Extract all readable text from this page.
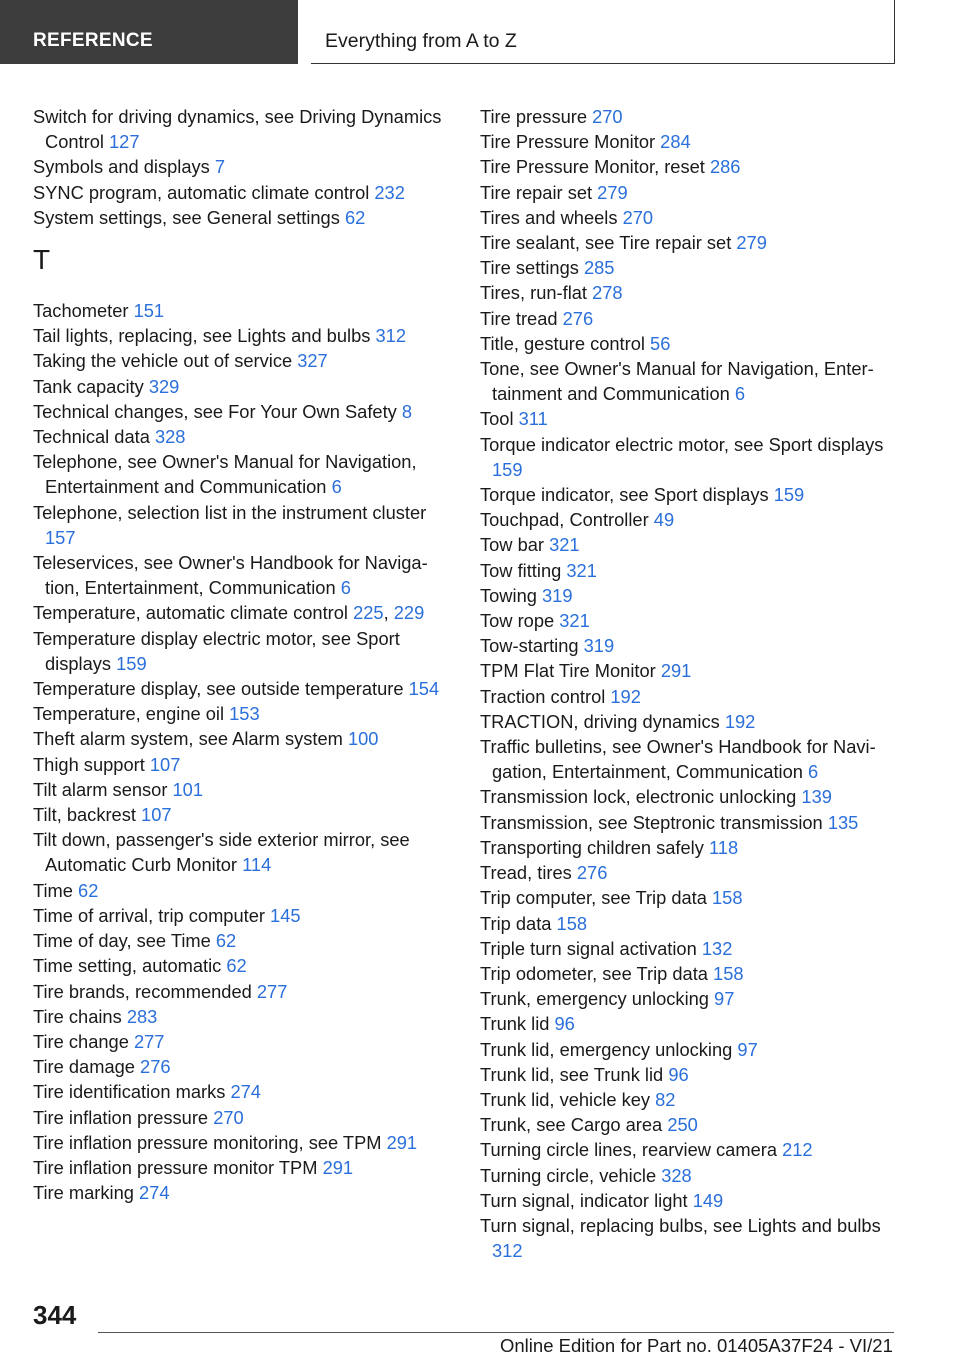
REFERENCE	Everything from A to Z

Switch for driving dynamics, see Driving Dynamics Control 127

Symbols and displays 7

SYNC program, automatic climate control 232

System settings, see General settings 62

T

Tachometer 151

Tail lights, replacing, see Lights and bulbs 312

Taking the vehicle out of service 327

Tank capacity 329

Technical changes, see For Your Own Safety 8

Technical data 328

Telephone, see Owner's Manual for Navigation, Entertainment and Communication 6

Telephone, selection list in the instrument cluster 157

Teleservices, see Owner's Handbook for Navigation, Entertainment, Communication 6

Temperature, automatic climate control 225, 229

Temperature display electric motor, see Sport displays 159

Temperature display, see outside temperature 154

Temperature, engine oil 153

Theft alarm system, see Alarm system 100

Thigh support 107

Tilt alarm sensor 101

Tilt, backrest 107

Tilt down, passenger's side exterior mirror, see Automatic Curb Monitor 114

Time 62

Time of arrival, trip computer 145

Time of day, see Time 62

Time setting, automatic 62

Tire brands, recommended 277

Tire chains 283

Tire change 277

Tire damage 276

Tire identification marks 274

Tire inflation pressure 270

Tire inflation pressure monitoring, see TPM 291

Tire inflation pressure monitor TPM 291

Tire marking 274

Tire pressure 270

Tire Pressure Monitor 284

Tire Pressure Monitor, reset 286

Tire repair set 279

Tires and wheels 270

Tire sealant, see Tire repair set 279

Tire settings 285

Tires, run-flat 278

Tire tread 276

Title, gesture control 56

Tone, see Owner's Manual for Navigation, Entertainment and Communication 6

Tool 311

Torque indicator electric motor, see Sport displays 159

Torque indicator, see Sport displays 159

Touchpad, Controller 49

Tow bar 321

Tow fitting 321

Towing 319

Tow rope 321

Tow-starting 319

TPM Flat Tire Monitor 291

Traction control 192

TRACTION, driving dynamics 192

Traffic bulletins, see Owner's Handbook for Navigation, Entertainment, Communication 6

Transmission lock, electronic unlocking 139

Transmission, see Steptronic transmission 135

Transporting children safely 118

Tread, tires 276

Trip computer, see Trip data 158

Trip data 158

Triple turn signal activation 132

Trip odometer, see Trip data 158

Trunk, emergency unlocking 97

Trunk lid 96

Trunk lid, emergency unlocking 97

Trunk lid, see Trunk lid 96

Trunk lid, vehicle key 82

Trunk, see Cargo area 250

Turning circle lines, rearview camera 212

Turning circle, vehicle 328

Turn signal, indicator light 149

Turn signal, replacing bulbs, see Lights and bulbs 312

344
Online Edition for Part no. 01405A37F24 - VI/21
